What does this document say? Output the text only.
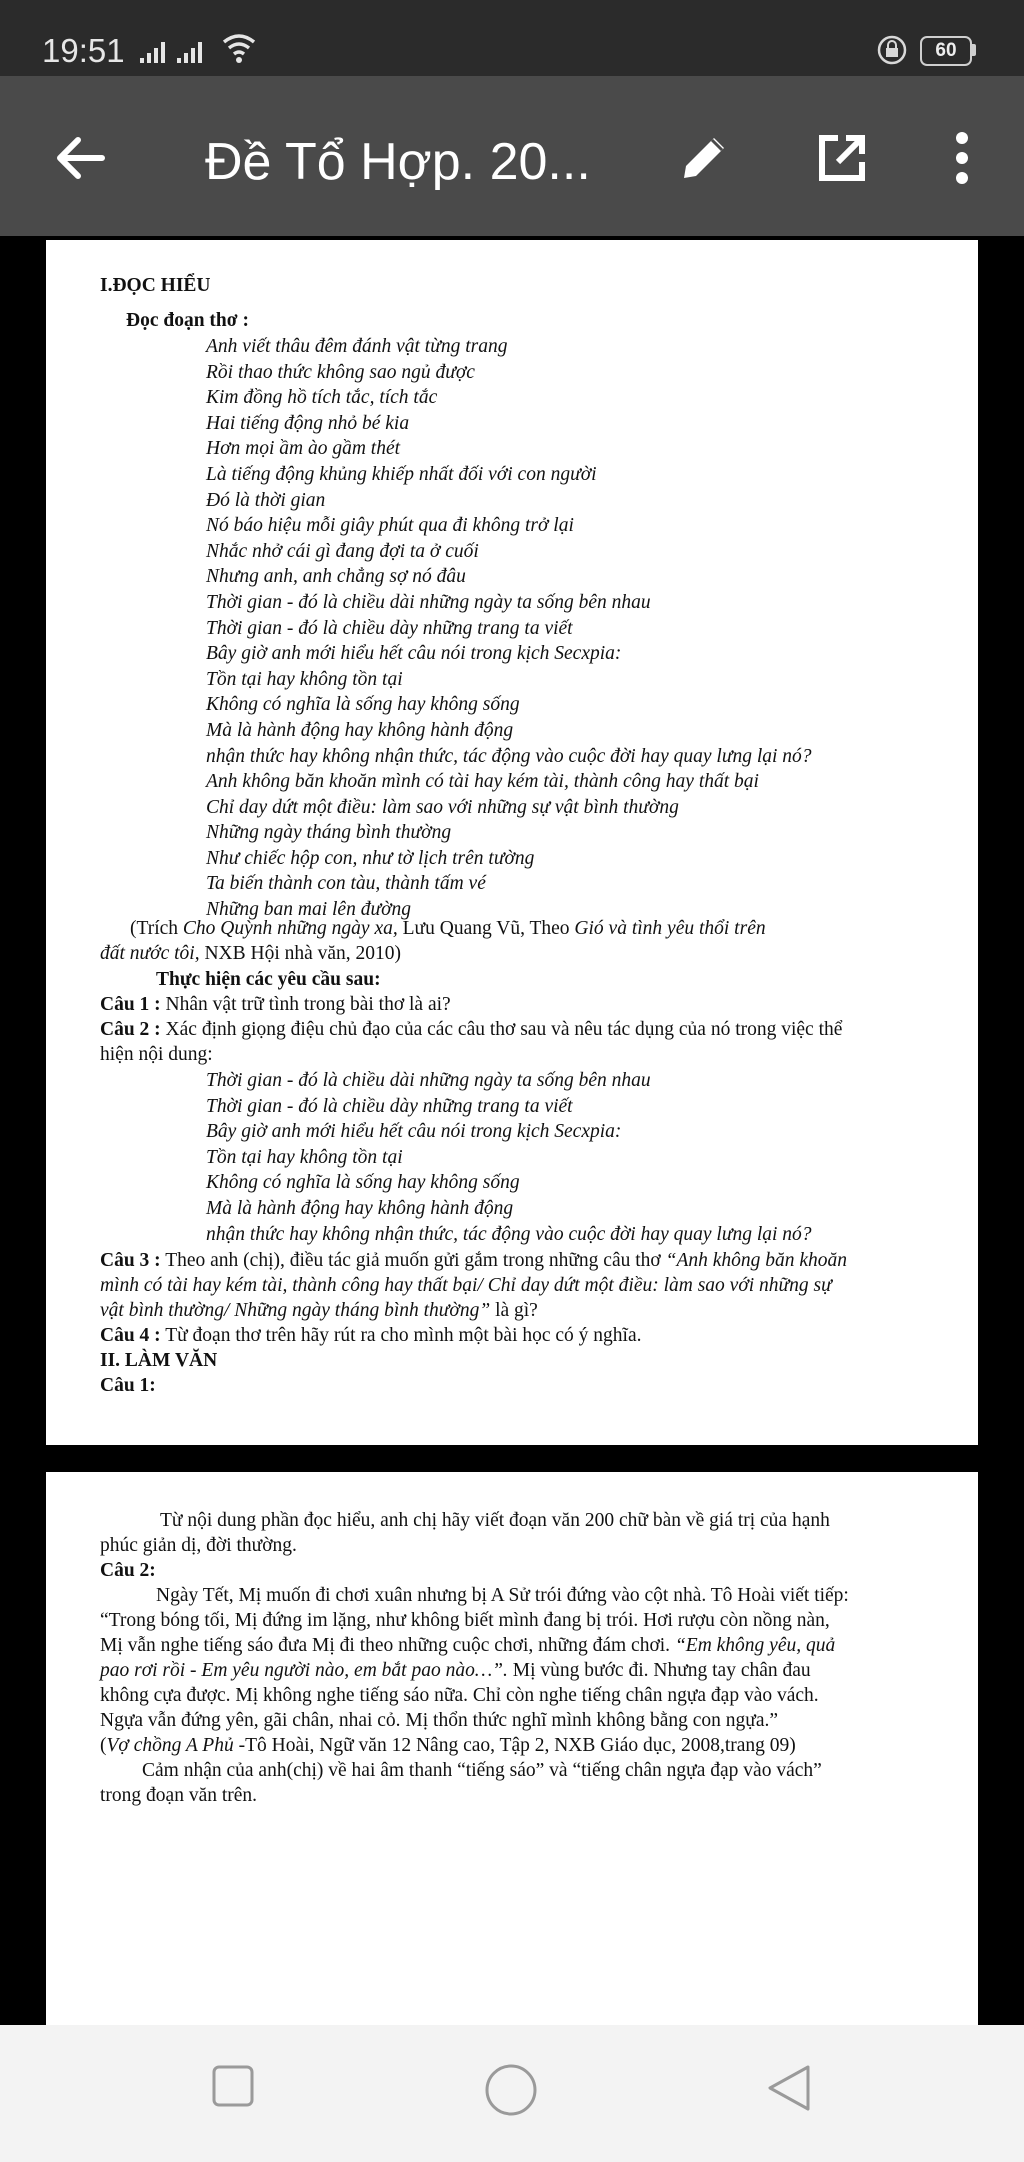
19:51	60
Đề Tổ Hợp. 20...
I.ĐỌC HIỂU
Đọc đoạn thơ :
Anh viết thâu đêm đánh vật từng trang
Rồi thao thức không sao ngủ được
Kim đồng hồ tích tắc, tích tắc
Hai tiếng động nhỏ bé kia
Hơn mọi ầm ào gầm thét
Là tiếng động khủng khiếp nhất đối với con người
Đó là thời gian
Nó báo hiệu mỗi giây phút qua đi không trở lại
Nhắc nhở cái gì đang đợi ta ở cuối
Nhưng anh, anh chẳng sợ nó đâu
Thời gian - đó là chiều dài những ngày ta sống bên nhau
Thời gian - đó là chiều dày những trang ta viết
Bây giờ anh mới hiểu hết câu nói trong kịch Secxpia:
Tồn tại hay không tồn tại
Không có nghĩa là sống hay không sống
Mà là hành động hay không hành động
nhận thức hay không nhận thức, tác động vào cuộc đời hay quay lưng lại nó?
Anh không băn khoăn mình có tài hay kém tài, thành công hay thất bại
Chỉ day dứt một điều: làm sao với những sự vật bình thường
Những ngày tháng bình thường
Như chiếc hộp con, như tờ lịch trên tường
Ta biến thành con tàu, thành tấm vé
Những ban mai lên đường
(Trích Cho Quỳnh những ngày xa, Lưu Quang Vũ, Theo Gió và tình yêu thổi trên
đất nước tôi, NXB Hội nhà văn, 2010)
Thực hiện các yêu cầu sau:
Câu 1 : Nhân vật trữ tình trong bài thơ là ai?
Câu 2 : Xác định giọng điệu chủ đạo của các câu thơ sau và nêu tác dụng của nó trong việc thể
hiện nội dung:
Thời gian - đó là chiều dài những ngày ta sống bên nhau
Thời gian - đó là chiều dày những trang ta viết
Bây giờ anh mới hiểu hết câu nói trong kịch Secxpia:
Tồn tại hay không tồn tại
Không có nghĩa là sống hay không sống
Mà là hành động hay không hành động
nhận thức hay không nhận thức, tác động vào cuộc đời hay quay lưng lại nó?
Câu 3 : Theo anh (chị), điều tác giả muốn gửi gắm trong những câu thơ “Anh không băn khoăn
mình có tài hay kém tài, thành công hay thất bại/ Chỉ day dứt một điều: làm sao với những sự
vật bình thường/ Những ngày tháng bình thường” là gì?
Câu 4 : Từ đoạn thơ trên hãy rút ra cho mình một bài học có ý nghĩa.
II. LÀM VĂN
Câu 1:
Từ nội dung phần đọc hiểu, anh chị hãy viết đoạn văn 200 chữ bàn về giá trị của hạnh
phúc giản dị, đời thường.
Câu 2:
Ngày Tết, Mị muốn đi chơi xuân nhưng bị A Sử trói đứng vào cột nhà. Tô Hoài viết tiếp:
“Trong bóng tối, Mị đứng im lặng, như không biết mình đang bị trói. Hơi rượu còn nồng nàn,
Mị vẫn nghe tiếng sáo đưa Mị đi theo những cuộc chơi, những đám chơi. “Em không yêu, quả
pao rơi rồi - Em yêu người nào, em bắt pao nào…”. Mị vùng bước đi. Nhưng tay chân đau
không cựa được. Mị không nghe tiếng sáo nữa. Chỉ còn nghe tiếng chân ngựa đạp vào vách.
Ngựa vẫn đứng yên, gãi chân, nhai cỏ. Mị thổn thức nghĩ mình không bằng con ngựa.”
(Vợ chồng A Phủ -Tô Hoài, Ngữ văn 12 Nâng cao, Tập 2, NXB Giáo dục, 2008,trang 09)
Cảm nhận của anh(chị) về hai âm thanh “tiếng sáo” và “tiếng chân ngựa đạp vào vách”
trong đoạn văn trên.
